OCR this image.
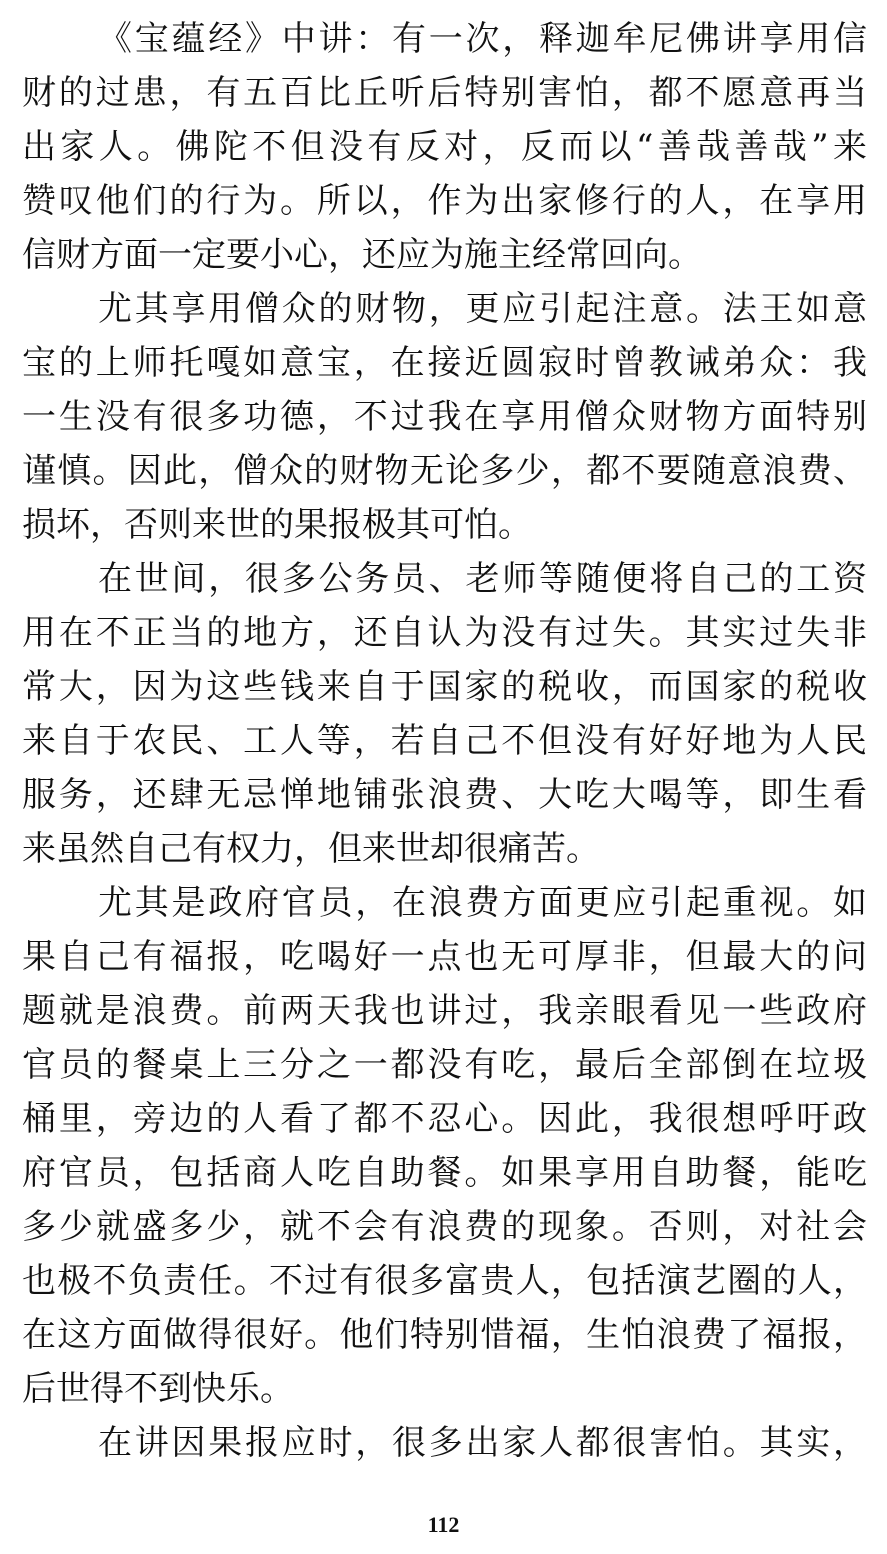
《宝蕴经》中讲：有一次，释迦牟尼佛讲享用信
财的过患，有五百比丘听后特别害怕，都不愿意再当
出家人。佛陀不但没有反对，反而以“善哉善哉”来
赞叹他们的行为。所以，作为出家修行的人，在享用
信财方面一定要小心，还应为施主经常回向。
尤其享用僧众的财物，更应引起注意。法王如意
宝的上师托嘎如意宝，在接近圆寂时曾教诫弟众：我
一生没有很多功德，不过我在享用僧众财物方面特别
谨慎。因此，僧众的财物无论多少，都不要随意浪费、
损坏，否则来世的果报极其可怕。
在世间，很多公务员、老师等随便将自己的工资
用在不正当的地方，还自认为没有过失。其实过失非
常大，因为这些钱来自于国家的税收，而国家的税收
来自于农民、工人等，若自己不但没有好好地为人民
服务，还肆无忌惮地铺张浪费、大吃大喝等，即生看
来虽然自己有权力，但来世却很痛苦。
尤其是政府官员，在浪费方面更应引起重视。如
果自己有福报，吃喝好一点也无可厚非，但最大的问
题就是浪费。前两天我也讲过，我亲眼看见一些政府
官员的餐桌上三分之一都没有吃，最后全部倒在垃圾
桶里，旁边的人看了都不忍心。因此，我很想呼吁政
府官员，包括商人吃自助餐。如果享用自助餐，能吃
多少就盛多少，就不会有浪费的现象。否则，对社会
也极不负责任。不过有很多富贵人，包括演艺圈的人，
在这方面做得很好。他们特别惜福，生怕浪费了福报，
后世得不到快乐。
在讲因果报应时，很多出家人都很害怕。其实，
112
